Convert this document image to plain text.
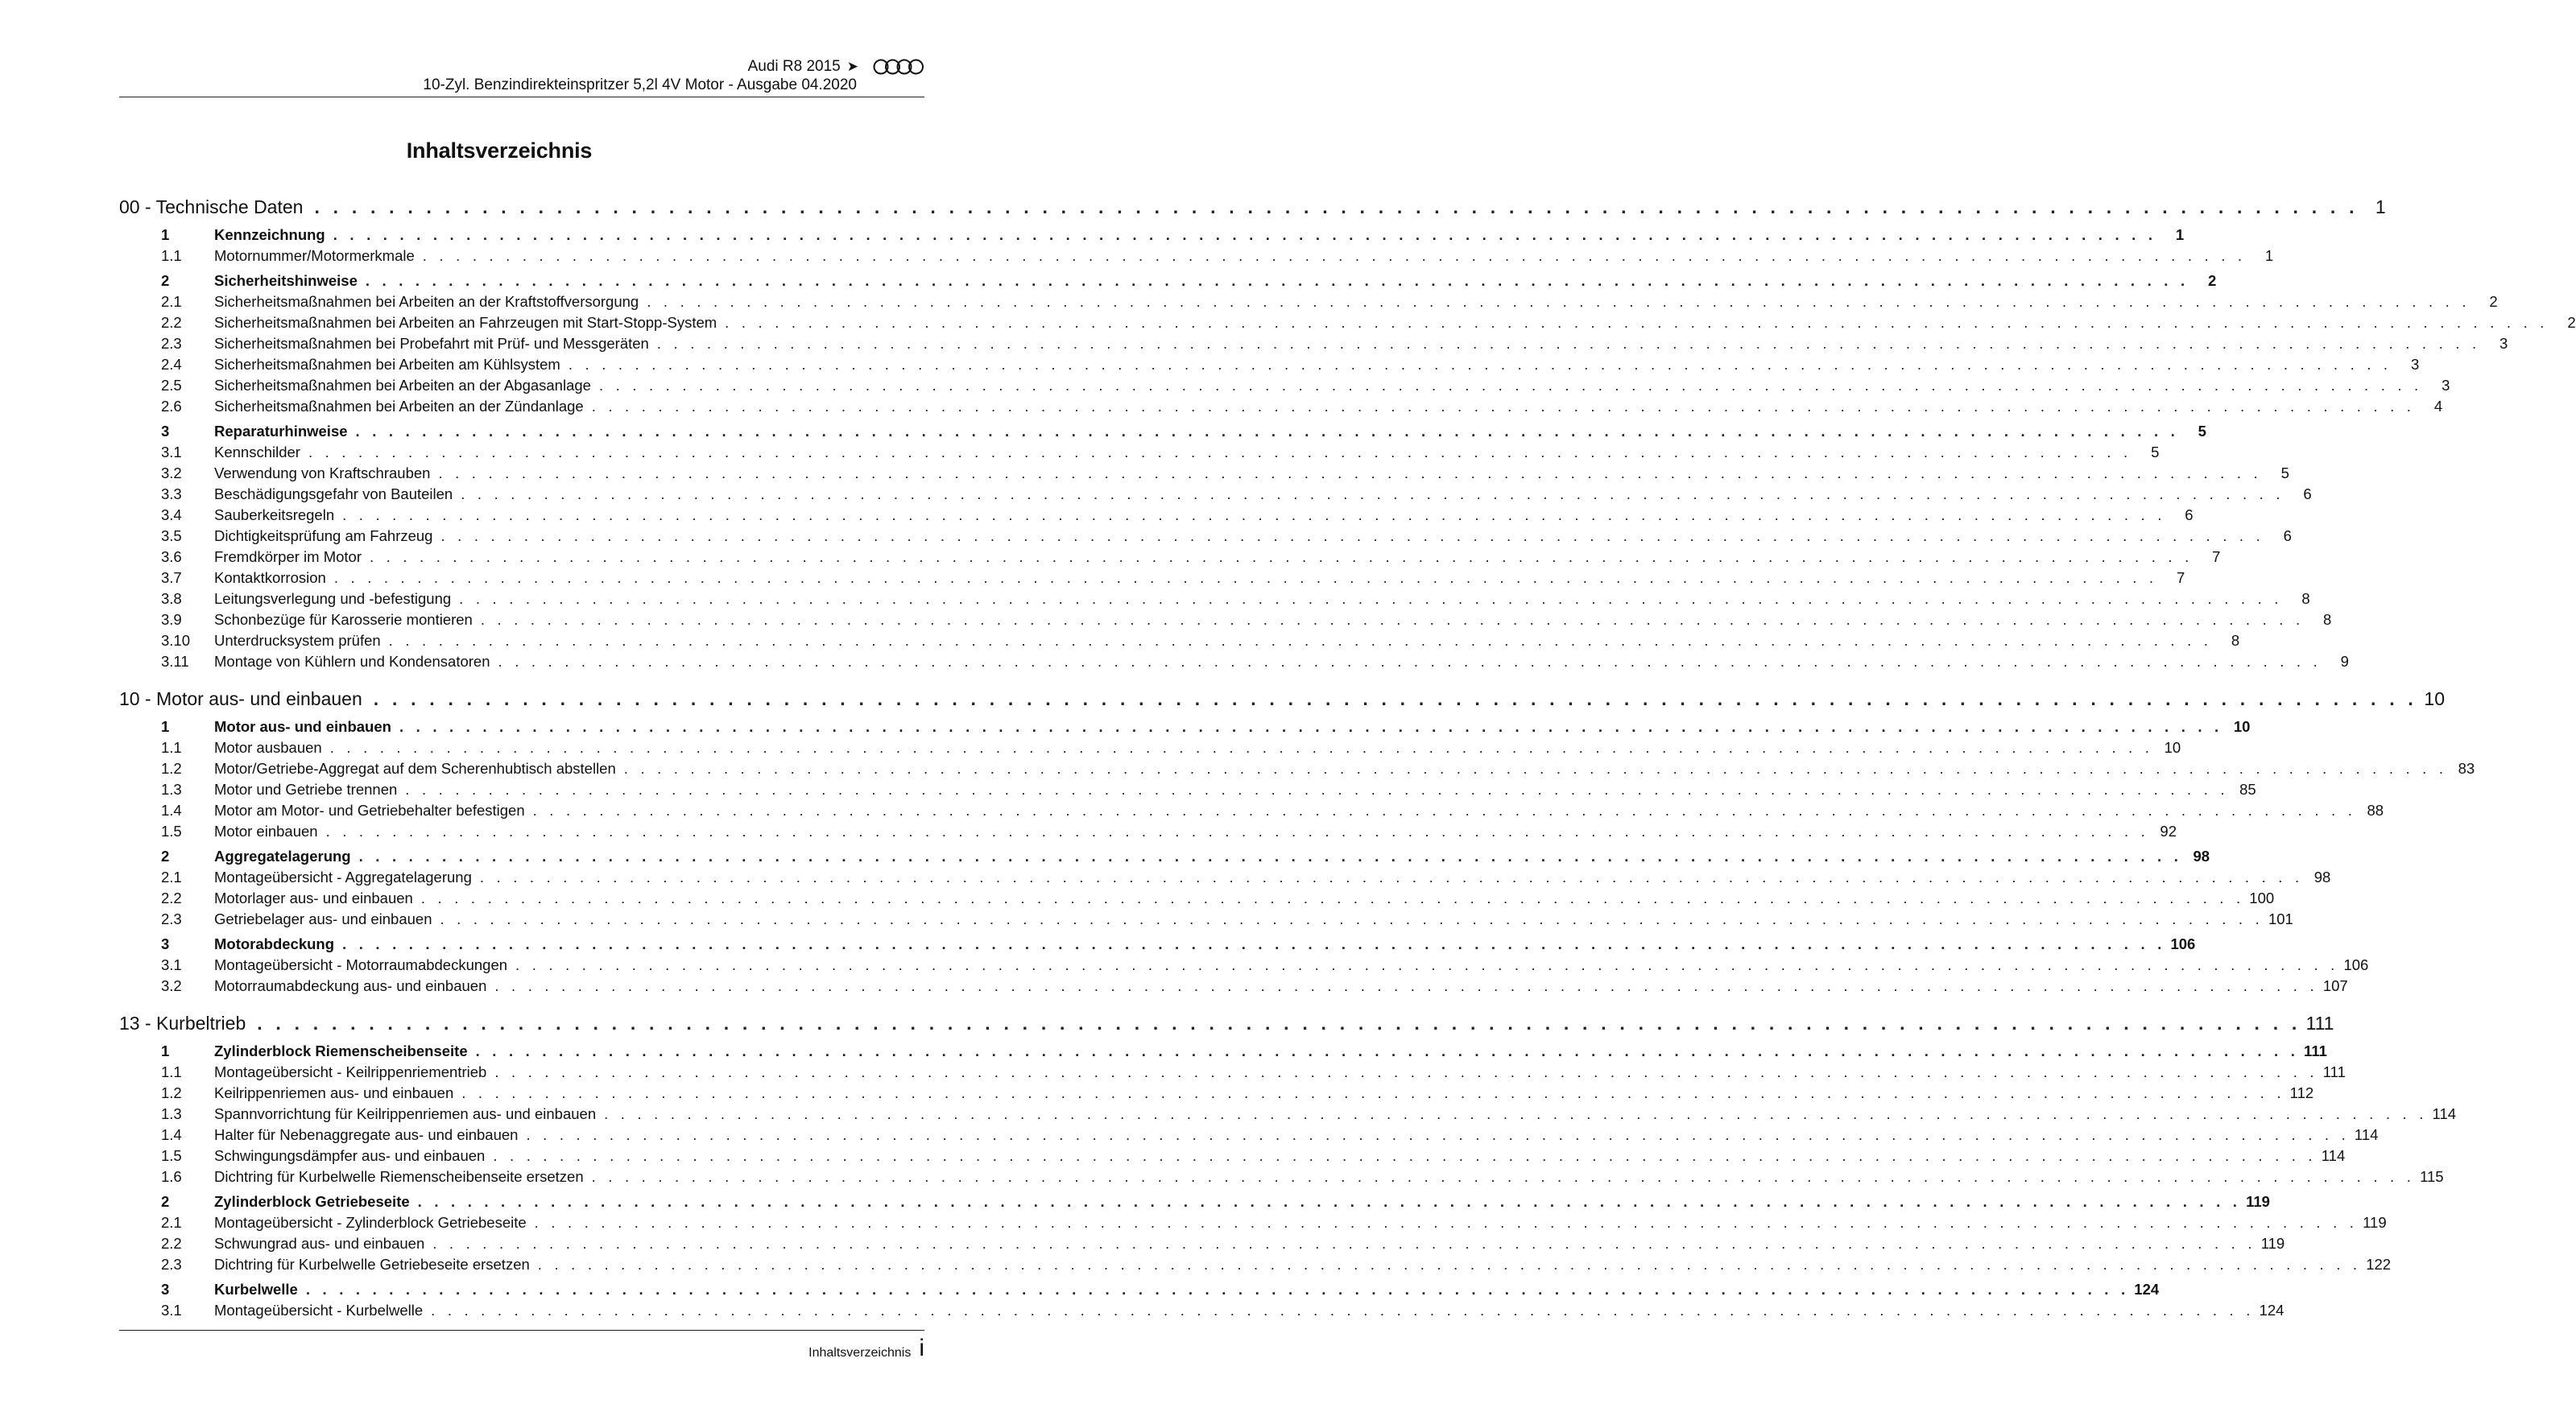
Audi R8 2015 ➤
10-Zyl. Benzindirekteinspritzer 5,2l 4V Motor - Ausgabe 04.2020
Inhaltsverzeichnis
00 - Technische Daten . . . . . . . . . . . . . . . . . . . . . . . . . . . . . . . . . . . . . . . . . . . . . . . . . . . . . . . . . . . . . . . . . . . . . . . . . . . . . . . . . . . . . . . . . . . . . . . . . . . . . . . . . . . . . . 1
1	Kennzeichnung . . . . . . . . . . . . . . . . . . . . . . . . . . . . . . . . . . . . . . . . . . . . . . . . . . . . . . . . . . . . . . . . . . . . . . . . . . . . . . . . . . . . . . . . . . . . . . . . . . . . . . . . . . . . . .	1
1.1	Motornummer/Motormerkmale . . . . . . . . . . . . . . . . . . . . . . . . . . . . . . . . . . . . . . . . . . . . . . . . . . . . . . . . . . . . . . . . . . . . . . . . . . . . . . . . . . . . . . . . . . . . . . . . . . . . . . . . . . . . . .	1
2	Sicherheitshinweise . . . . . . . . . . . . . . . . . . . . . . . . . . . . . . . . . . . . . . . . . . . . . . . . . . . . . . . . . . . . . . . . . . . . . . . . . . . . . . . . . . . . . . . . . . . . . . . . . . . . . . . . . . . . . .	2
2.1	Sicherheitsmaßnahmen bei Arbeiten an der Kraftstoffversorgung . . . . . . . . . . . . . . . . . . . . . . . . . . . . . . . . . . . . . . . . . . . . . . . . . . . . . . . . . . . . . . . . . . . . . . . . . . . . . . . . . . . . . . . . . . . . . . . . . . . . . . . . . . . . . .	2
2.2	Sicherheitsmaßnahmen bei Arbeiten an Fahrzeugen mit Start-Stopp-System . . . . . . . . . . . . . . . . . . . . . . . . . . . . . . . . . . . . . . . . . . . . . . . . . . . . . . . . . . . . . . . . . . . . . . . . . . . . . . . . . . . . . . . . . . . . . . . . . . . . . . . . . . . . . .	2
2.3	Sicherheitsmaßnahmen bei Probefahrt mit Prüf- und Messgeräten . . . . . . . . . . . . . . . . . . . . . . . . . . . . . . . . . . . . . . . . . . . . . . . . . . . . . . . . . . . . . . . . . . . . . . . . . . . . . . . . . . . . . . . . . . . . . . . . . . . . . . . . . . . . . .	3
2.4	Sicherheitsmaßnahmen bei Arbeiten am Kühlsystem . . . . . . . . . . . . . . . . . . . . . . . . . . . . . . . . . . . . . . . . . . . . . . . . . . . . . . . . . . . . . . . . . . . . . . . . . . . . . . . . . . . . . . . . . . . . . . . . . . . . . . . . . . . . . .	3
2.5	Sicherheitsmaßnahmen bei Arbeiten an der Abgasanlage . . . . . . . . . . . . . . . . . . . . . . . . . . . . . . . . . . . . . . . . . . . . . . . . . . . . . . . . . . . . . . . . . . . . . . . . . . . . . . . . . . . . . . . . . . . . . . . . . . . . . . . . . . . . . .	3
2.6	Sicherheitsmaßnahmen bei Arbeiten an der Zündanlage . . . . . . . . . . . . . . . . . . . . . . . . . . . . . . . . . . . . . . . . . . . . . . . . . . . . . . . . . . . . . . . . . . . . . . . . . . . . . . . . . . . . . . . . . . . . . . . . . . . . . . . . . . . . . .	4
3	Reparaturhinweise . . . . . . . . . . . . . . . . . . . . . . . . . . . . . . . . . . . . . . . . . . . . . . . . . . . . . . . . . . . . . . . . . . . . . . . . . . . . . . . . . . . . . . . . . . . . . . . . . . . . . . . . . . . . . .	5
3.1	Kennschilder . . . . . . . . . . . . . . . . . . . . . . . . . . . . . . . . . . . . . . . . . . . . . . . . . . . . . . . . . . . . . . . . . . . . . . . . . . . . . . . . . . . . . . . . . . . . . . . . . . . . . . . . . . . . . .	5
3.2	Verwendung von Kraftschrauben . . . . . . . . . . . . . . . . . . . . . . . . . . . . . . . . . . . . . . . . . . . . . . . . . . . . . . . . . . . . . . . . . . . . . . . . . . . . . . . . . . . . . . . . . . . . . . . . . . . . . . . . . . . . . .	5
3.3	Beschädigungsgefahr von Bauteilen . . . . . . . . . . . . . . . . . . . . . . . . . . . . . . . . . . . . . . . . . . . . . . . . . . . . . . . . . . . . . . . . . . . . . . . . . . . . . . . . . . . . . . . . . . . . . . . . . . . . . . . . . . . . . .	6
3.4	Sauberkeitsregeln . . . . . . . . . . . . . . . . . . . . . . . . . . . . . . . . . . . . . . . . . . . . . . . . . . . . . . . . . . . . . . . . . . . . . . . . . . . . . . . . . . . . . . . . . . . . . . . . . . . . . . . . . . . . . .	6
3.5	Dichtigkeitsprüfung am Fahrzeug . . . . . . . . . . . . . . . . . . . . . . . . . . . . . . . . . . . . . . . . . . . . . . . . . . . . . . . . . . . . . . . . . . . . . . . . . . . . . . . . . . . . . . . . . . . . . . . . . . . . . . . . . . . . . .	6
3.6	Fremdkörper im Motor . . . . . . . . . . . . . . . . . . . . . . . . . . . . . . . . . . . . . . . . . . . . . . . . . . . . . . . . . . . . . . . . . . . . . . . . . . . . . . . . . . . . . . . . . . . . . . . . . . . . . . . . . . . . . .	7
3.7	Kontaktkorrosion . . . . . . . . . . . . . . . . . . . . . . . . . . . . . . . . . . . . . . . . . . . . . . . . . . . . . . . . . . . . . . . . . . . . . . . . . . . . . . . . . . . . . . . . . . . . . . . . . . . . . . . . . . . . . .	7
3.8	Leitungsverlegung und -befestigung . . . . . . . . . . . . . . . . . . . . . . . . . . . . . . . . . . . . . . . . . . . . . . . . . . . . . . . . . . . . . . . . . . . . . . . . . . . . . . . . . . . . . . . . . . . . . . . . . . . . . . . . . . . . . .	8
3.9	Schonbezüge für Karosserie montieren . . . . . . . . . . . . . . . . . . . . . . . . . . . . . . . . . . . . . . . . . . . . . . . . . . . . . . . . . . . . . . . . . . . . . . . . . . . . . . . . . . . . . . . . . . . . . . . . . . . . . . . . . . . . . .	8
3.10	Unterdrucksystem prüfen . . . . . . . . . . . . . . . . . . . . . . . . . . . . . . . . . . . . . . . . . . . . . . . . . . . . . . . . . . . . . . . . . . . . . . . . . . . . . . . . . . . . . . . . . . . . . . . . . . . . . . . . . . . . . .	8
3.11	Montage von Kühlern und Kondensatoren . . . . . . . . . . . . . . . . . . . . . . . . . . . . . . . . . . . . . . . . . . . . . . . . . . . . . . . . . . . . . . . . . . . . . . . . . . . . . . . . . . . . . . . . . . . . . . . . . . . . . . . . . . . . . .	9
10 - Motor aus- und einbauen . . . . . . . . . . . . . . . . . . . . . . . . . . . . . . . . . . . . . . . . . . . . . . . . . . . . . . . . . . . . . . . . . . . . . . . . . . . . . . . . . . . . . . . . . . . . . . . . . . . . . . . . . . . . . . 10
1	Motor aus- und einbauen . . . . . . . . . . . . . . . . . . . . . . . . . . . . . . . . . . . . . . . . . . . . . . . . . . . . . . . . . . . . . . . . . . . . . . . . . . . . . . . . . . . . . . . . . . . . . . . . . . . . . . . . . . . . . . 10
1.1	Motor ausbauen . . . . . . . . . . . . . . . . . . . . . . . . . . . . . . . . . . . . . . . . . . . . . . . . . . . . . . . . . . . . . . . . . . . . . . . . . . . . . . . . . . . . . . . . . . . . . . . . . . . . . . . . . . . . . . 10
1.2	Motor/Getriebe-Aggregat auf dem Scherenhubtisch abstellen . . . . . . . . . . . . . . . . . . . . . . . . . . . . . . . . . . . . . . . . . . . . . . . . . . . . . . . . . . . . . . . . . . . . . . . . . . . . . . . . . . . . . . . . . . . . . . . . . . . . . . . . . . . . . . 83
1.3	Motor und Getriebe trennen . . . . . . . . . . . . . . . . . . . . . . . . . . . . . . . . . . . . . . . . . . . . . . . . . . . . . . . . . . . . . . . . . . . . . . . . . . . . . . . . . . . . . . . . . . . . . . . . . . . . . . . . . . . . . . 85
1.4	Motor am Motor- und Getriebehalter befestigen . . . . . . . . . . . . . . . . . . . . . . . . . . . . . . . . . . . . . . . . . . . . . . . . . . . . . . . . . . . . . . . . . . . . . . . . . . . . . . . . . . . . . . . . . . . . . . . . . . . . . . . . . . . . . . 88
1.5	Motor einbauen . . . . . . . . . . . . . . . . . . . . . . . . . . . . . . . . . . . . . . . . . . . . . . . . . . . . . . . . . . . . . . . . . . . . . . . . . . . . . . . . . . . . . . . . . . . . . . . . . . . . . . . . . . . . . . 92
2	Aggregatelagerung . . . . . . . . . . . . . . . . . . . . . . . . . . . . . . . . . . . . . . . . . . . . . . . . . . . . . . . . . . . . . . . . . . . . . . . . . . . . . . . . . . . . . . . . . . . . . . . . . . . . . . . . . . . . . . 98
2.1	Montageübersicht - Aggregatelagerung . . . . . . . . . . . . . . . . . . . . . . . . . . . . . . . . . . . . . . . . . . . . . . . . . . . . . . . . . . . . . . . . . . . . . . . . . . . . . . . . . . . . . . . . . . . . . . . . . . . . . . . . . . . . . . 98
2.2	Motorlager aus- und einbauen . . . . . . . . . . . . . . . . . . . . . . . . . . . . . . . . . . . . . . . . . . . . . . . . . . . . . . . . . . . . . . . . . . . . . . . . . . . . . . . . . . . . . . . . . . . . . . . . . . . . . . . . . . . . . . 100
2.3	Getriebelager aus- und einbauen . . . . . . . . . . . . . . . . . . . . . . . . . . . . . . . . . . . . . . . . . . . . . . . . . . . . . . . . . . . . . . . . . . . . . . . . . . . . . . . . . . . . . . . . . . . . . . . . . . . . . . . . . . . . . . 101
3	Motorabdeckung . . . . . . . . . . . . . . . . . . . . . . . . . . . . . . . . . . . . . . . . . . . . . . . . . . . . . . . . . . . . . . . . . . . . . . . . . . . . . . . . . . . . . . . . . . . . . . . . . . . . . . . . . . . . . . 106
3.1	Montageübersicht - Motorraumabdeckungen . . . . . . . . . . . . . . . . . . . . . . . . . . . . . . . . . . . . . . . . . . . . . . . . . . . . . . . . . . . . . . . . . . . . . . . . . . . . . . . . . . . . . . . . . . . . . . . . . . . . . . . . . . . . . . 106
3.2	Motorraumabdeckung aus- und einbauen . . . . . . . . . . . . . . . . . . . . . . . . . . . . . . . . . . . . . . . . . . . . . . . . . . . . . . . . . . . . . . . . . . . . . . . . . . . . . . . . . . . . . . . . . . . . . . . . . . . . . . . . . . . . . . 107
13 - Kurbeltrieb . . . . . . . . . . . . . . . . . . . . . . . . . . . . . . . . . . . . . . . . . . . . . . . . . . . . . . . . . . . . . . . . . . . . . . . . . . . . . . . . . . . . . . . . . . . . . . . . . . . . . . . . . . . . . . 111
1	Zylinderblock Riemenscheibenseite . . . . . . . . . . . . . . . . . . . . . . . . . . . . . . . . . . . . . . . . . . . . . . . . . . . . . . . . . . . . . . . . . . . . . . . . . . . . . . . . . . . . . . . . . . . . . . . . . . . . . . . . . . . . . . 111
1.1	Montageübersicht - Keilrippenriementrieb . . . . . . . . . . . . . . . . . . . . . . . . . . . . . . . . . . . . . . . . . . . . . . . . . . . . . . . . . . . . . . . . . . . . . . . . . . . . . . . . . . . . . . . . . . . . . . . . . . . . . . . . . . . . . . 111
1.2	Keilrippenriemen aus- und einbauen . . . . . . . . . . . . . . . . . . . . . . . . . . . . . . . . . . . . . . . . . . . . . . . . . . . . . . . . . . . . . . . . . . . . . . . . . . . . . . . . . . . . . . . . . . . . . . . . . . . . . . . . . . . . . . 112
1.3	Spannvorrichtung für Keilrippenriemen aus- und einbauen . . . . . . . . . . . . . . . . . . . . . . . . . . . . . . . . . . . . . . . . . . . . . . . . . . . . . . . . . . . . . . . . . . . . . . . . . . . . . . . . . . . . . . . . . . . . . . . . . . . . . . . . . . . . . . 114
1.4	Halter für Nebenaggregate aus- und einbauen . . . . . . . . . . . . . . . . . . . . . . . . . . . . . . . . . . . . . . . . . . . . . . . . . . . . . . . . . . . . . . . . . . . . . . . . . . . . . . . . . . . . . . . . . . . . . . . . . . . . . . . . . . . . . . 114
1.5	Schwingungsdämpfer aus- und einbauen . . . . . . . . . . . . . . . . . . . . . . . . . . . . . . . . . . . . . . . . . . . . . . . . . . . . . . . . . . . . . . . . . . . . . . . . . . . . . . . . . . . . . . . . . . . . . . . . . . . . . . . . . . . . . . 114
1.6	Dichtring für Kurbelwelle Riemenscheibenseite ersetzen . . . . . . . . . . . . . . . . . . . . . . . . . . . . . . . . . . . . . . . . . . . . . . . . . . . . . . . . . . . . . . . . . . . . . . . . . . . . . . . . . . . . . . . . . . . . . . . . . . . . . . . . . . . . . . 115
2	Zylinderblock Getriebeseite . . . . . . . . . . . . . . . . . . . . . . . . . . . . . . . . . . . . . . . . . . . . . . . . . . . . . . . . . . . . . . . . . . . . . . . . . . . . . . . . . . . . . . . . . . . . . . . . . . . . . . . . . . . . . . 119
2.1	Montageübersicht - Zylinderblock Getriebeseite . . . . . . . . . . . . . . . . . . . . . . . . . . . . . . . . . . . . . . . . . . . . . . . . . . . . . . . . . . . . . . . . . . . . . . . . . . . . . . . . . . . . . . . . . . . . . . . . . . . . . . . . . . . . . . 119
2.2	Schwungrad aus- und einbauen . . . . . . . . . . . . . . . . . . . . . . . . . . . . . . . . . . . . . . . . . . . . . . . . . . . . . . . . . . . . . . . . . . . . . . . . . . . . . . . . . . . . . . . . . . . . . . . . . . . . . . . . . . . . . . 119
2.3	Dichtring für Kurbelwelle Getriebeseite ersetzen . . . . . . . . . . . . . . . . . . . . . . . . . . . . . . . . . . . . . . . . . . . . . . . . . . . . . . . . . . . . . . . . . . . . . . . . . . . . . . . . . . . . . . . . . . . . . . . . . . . . . . . . . . . . . . 122
3	Kurbelwelle . . . . . . . . . . . . . . . . . . . . . . . . . . . . . . . . . . . . . . . . . . . . . . . . . . . . . . . . . . . . . . . . . . . . . . . . . . . . . . . . . . . . . . . . . . . . . . . . . . . . . . . . . . . . . . 124
3.1	Montageübersicht - Kurbelwelle . . . . . . . . . . . . . . . . . . . . . . . . . . . . . . . . . . . . . . . . . . . . . . . . . . . . . . . . . . . . . . . . . . . . . . . . . . . . . . . . . . . . . . . . . . . . . . . . . . . . . . . . . . . . . . 124
Inhaltsverzeichnis i
